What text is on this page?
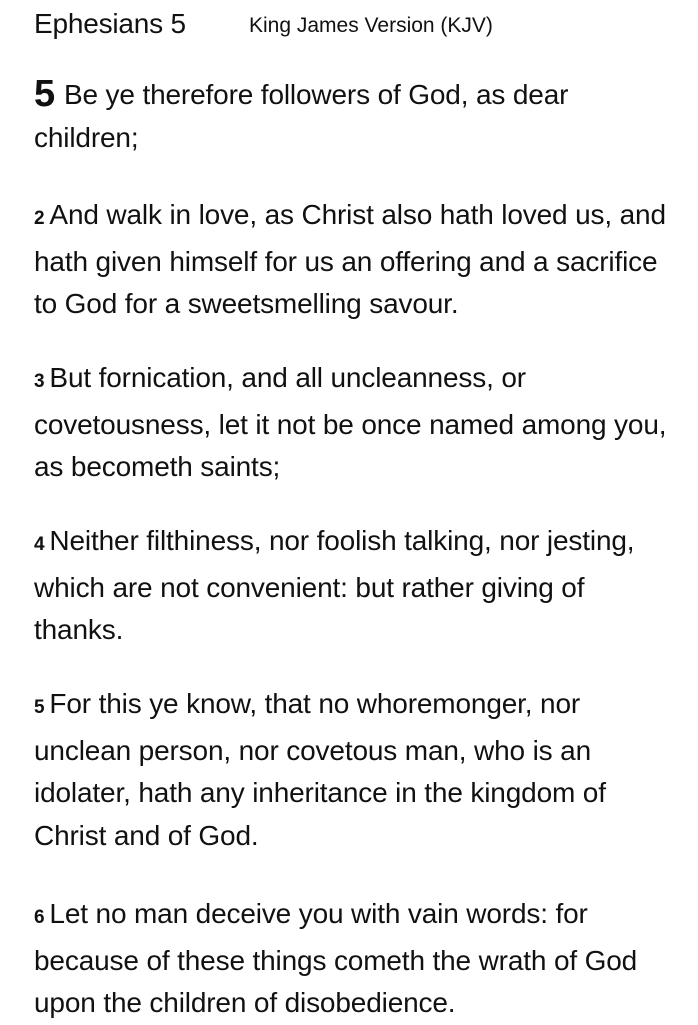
Ephesians 5	King James Version (KJV)

5 Be ye therefore followers of God, as dear children;

2 And walk in love, as Christ also hath loved us, and hath given himself for us an offering and a sacrifice to God for a sweetsmelling savour.

3 But fornication, and all uncleanness, or covetousness, let it not be once named among you, as becometh saints;

4 Neither filthiness, nor foolish talking, nor jesting, which are not convenient: but rather giving of thanks.

5 For this ye know, that no whoremonger, nor unclean person, nor covetous man, who is an idolater, hath any inheritance in the kingdom of Christ and of God.

6 Let no man deceive you with vain words: for because of these things cometh the wrath of God upon the children of disobedience.
